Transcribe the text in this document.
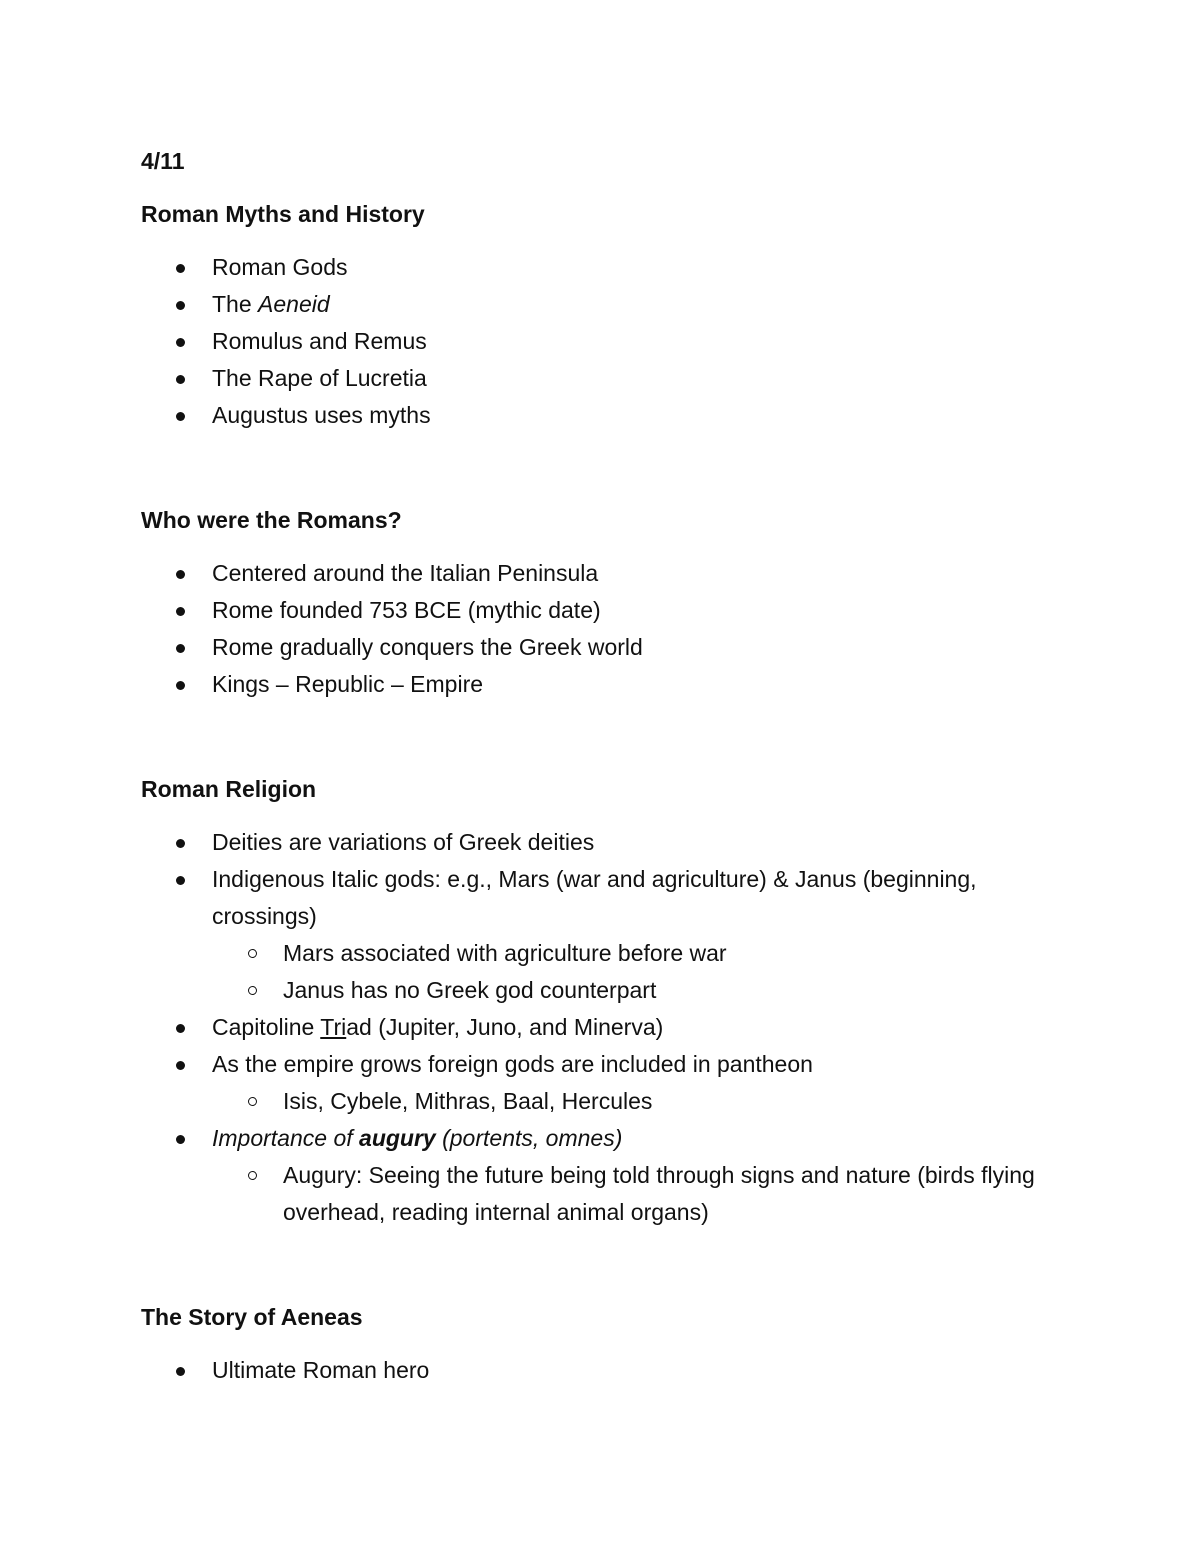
4/11

Roman Myths and History

Roman Gods
The Aeneid
Romulus and Remus
The Rape of Lucretia
Augustus uses myths

Who were the Romans?

Centered around the Italian Peninsula
Rome founded 753 BCE (mythic date)
Rome gradually conquers the Greek world
Kings – Republic – Empire

Roman Religion

Deities are variations of Greek deities
Indigenous Italic gods: e.g., Mars (war and agriculture) & Janus (beginning, crossings)
Mars associated with agriculture before war
Janus has no Greek god counterpart
Capitoline Triad (Jupiter, Juno, and Minerva)
As the empire grows foreign gods are included in pantheon
Isis, Cybele, Mithras, Baal, Hercules
Importance of augury (portents, omnes)
Augury: Seeing the future being told through signs and nature (birds flying overhead, reading internal animal organs)

The Story of Aeneas

Ultimate Roman hero
